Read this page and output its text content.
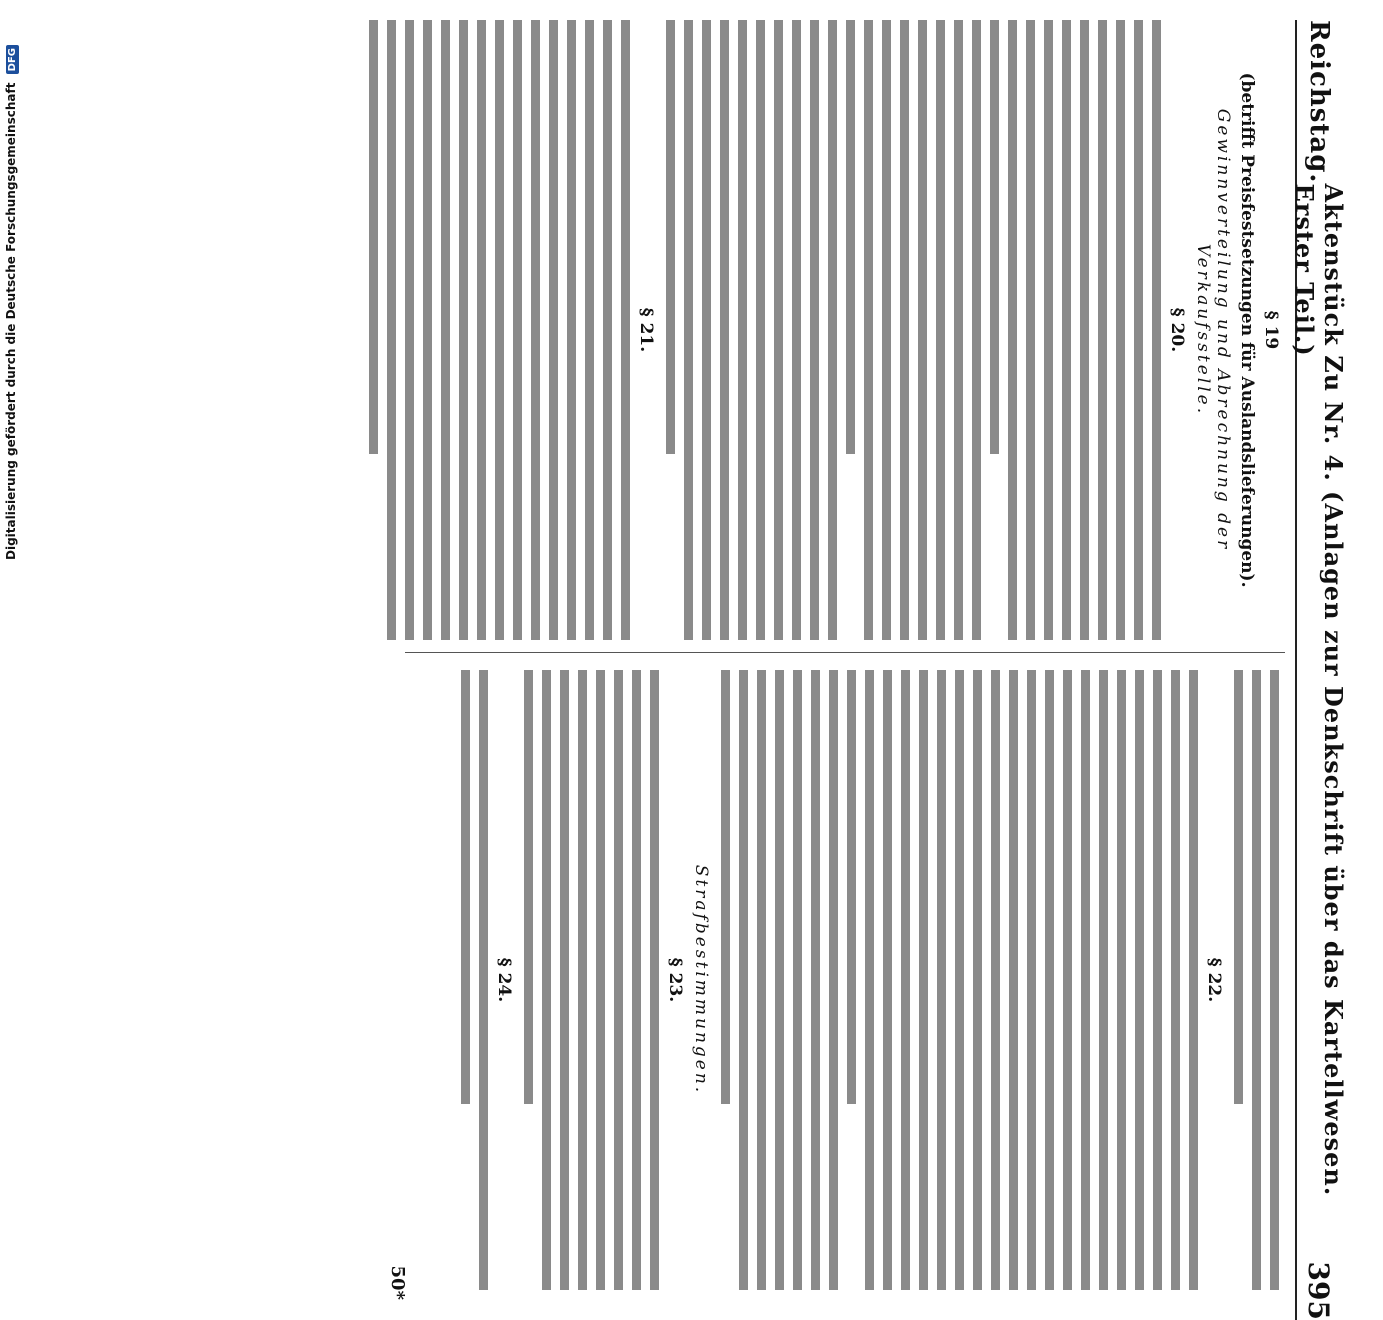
Reichstag.
Aktenstück Zu Nr. 4. (Anlagen zur Denkschrift über das Kartellwesen. Erster Teil.)
395
§ 19
(betrifft Preisfestsetzungen für Auslandslieferungen).
Gewinnverteilung und Abrechnung der Verkaufsstelle.
§ 20.
§ 21.
§ 22.
Strafbestimmungen.
§ 23.
§ 24.
50*
Digitalisierung gefördert durch die Deutsche Forschungsgemeinschaft DFG
